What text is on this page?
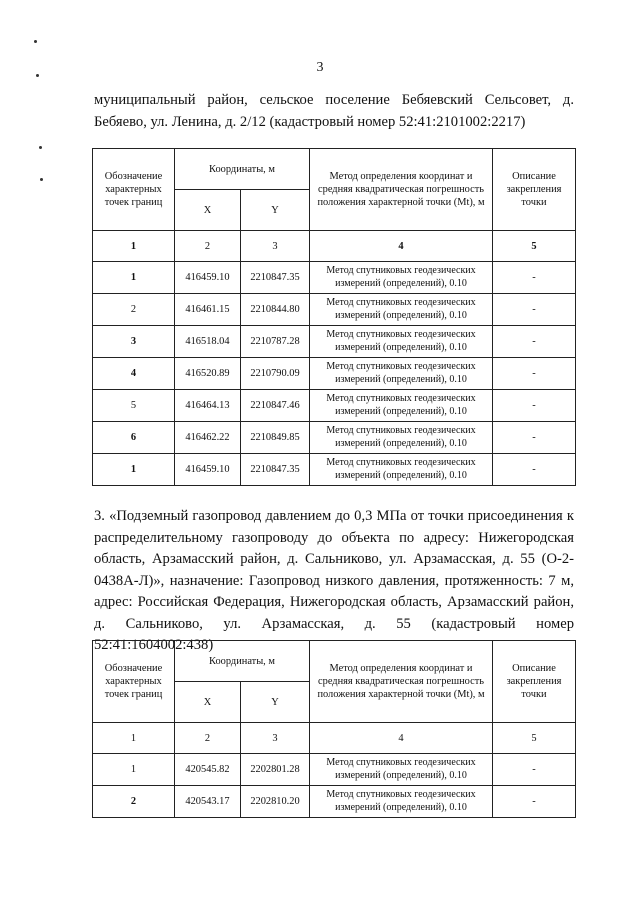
3
муниципальный район, сельское поселение Бебяевский Сельсовет, д. Бебяево, ул. Ленина, д. 2/12 (кадастровый номер 52:41:2101002:2217)
Обозначение характерных точек границ	Координаты, м		Метод определения координат и средняя квадратическая погрешность положения характерной точки (Mt), м	Описание закрепления точки
	X	Y		
1	2	3	4	5
1	416459.10	2210847.35	Метод спутниковых геодезических измерений (определений), 0.10	-
2	416461.15	2210844.80	Метод спутниковых геодезических измерений (определений), 0.10	-
3	416518.04	2210787.28	Метод спутниковых геодезических измерений (определений), 0.10	-
4	416520.89	2210790.09	Метод спутниковых геодезических измерений (определений), 0.10	-
5	416464.13	2210847.46	Метод спутниковых геодезических измерений (определений), 0.10	-
6	416462.22	2210849.85	Метод спутниковых геодезических измерений (определений), 0.10	-
1	416459.10	2210847.35	Метод спутниковых геодезических измерений (определений), 0.10	-
3. «Подземный газопровод давлением до 0,3 МПа от точки присоединения к распределительному газопроводу до объекта по адресу: Нижегородская область, Арзамасский район, д. Сальниково, ул. Арзамасская, д. 55 (О-2-0438А-Л)», назначение: Газопровод низкого давления, протяженность: 7 м, адрес: Российская Федерация, Нижегородская область, Арзамасский район, д. Сальниково, ул. Арзамасская, д. 55 (кадастровый номер 52:41:1604002:438)
Обозначение характерных точек границ	Координаты, м		Метод определения координат и средняя квадратическая погрешность положения характерной точки (Mt), м	Описание закрепления точки
	X	Y		
1	2	3	4	5
1	420545.82	2202801.28	Метод спутниковых геодезических измерений (определений), 0.10	-
2	420543.17	2202810.20	Метод спутниковых геодезических измерений (определений), 0.10	-
